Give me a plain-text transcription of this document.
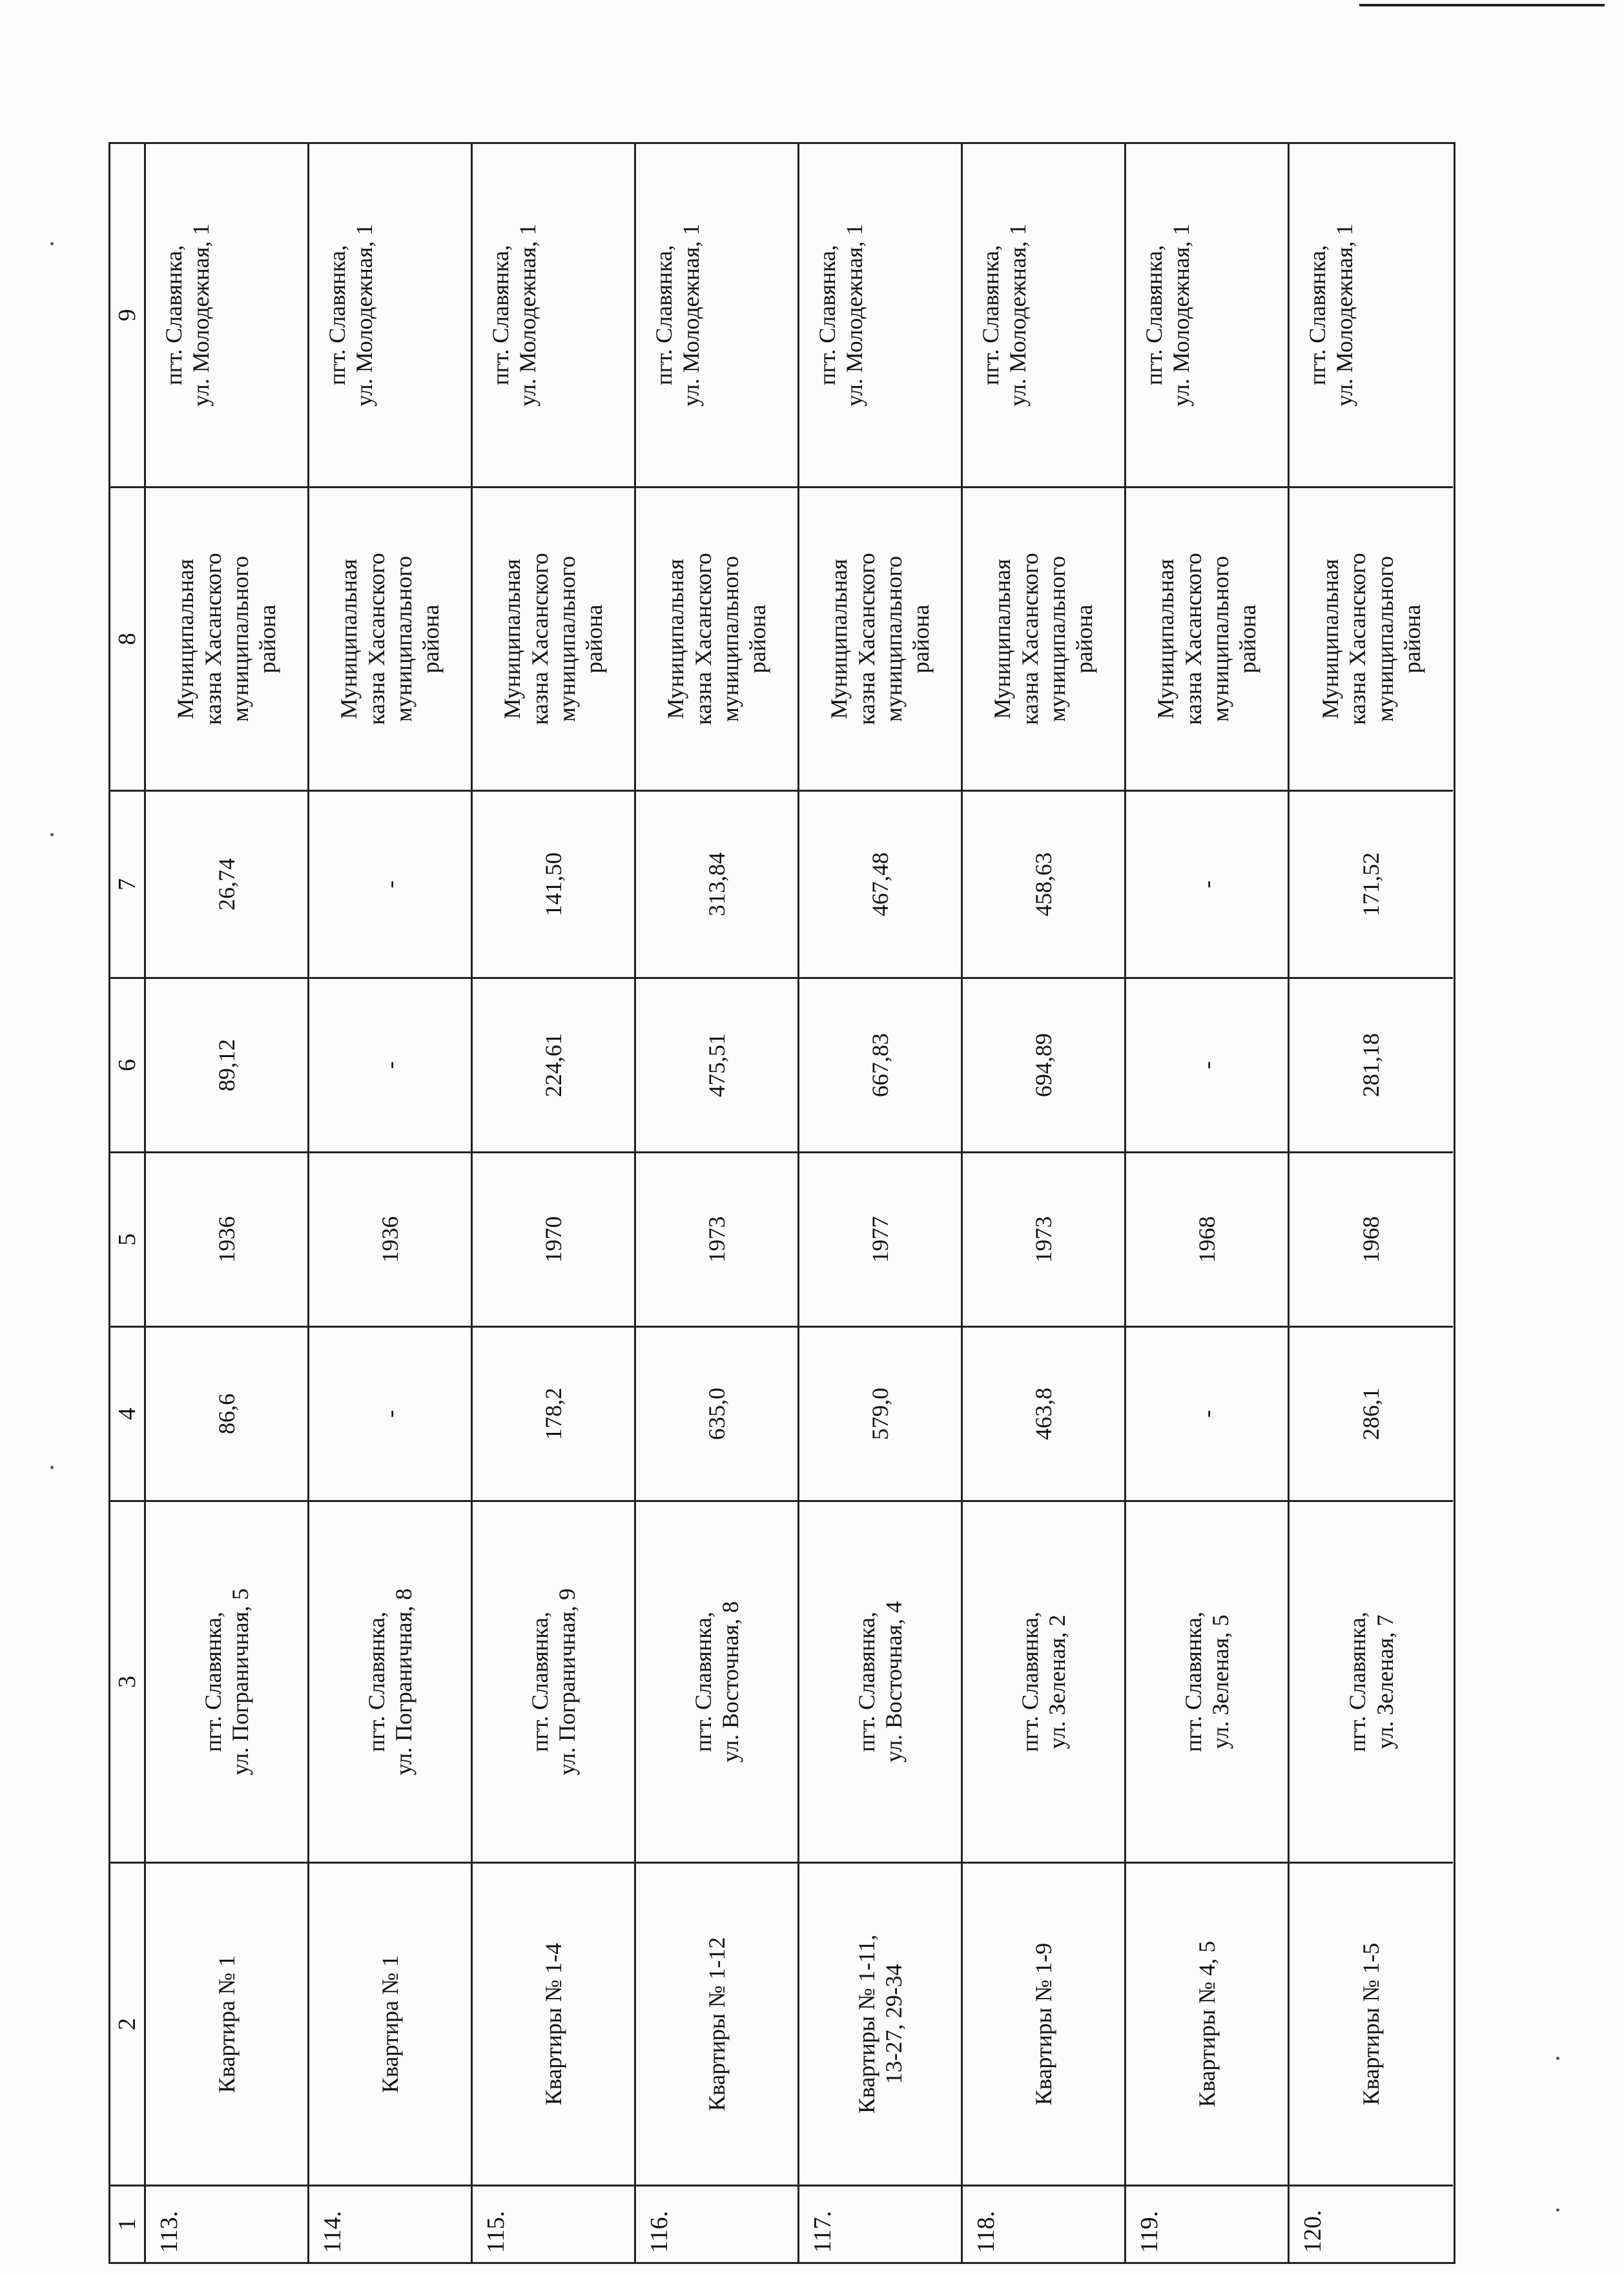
1
2
3
4
5
6
7
8
9
113.
Квартира № 1
пгт. Славянка,
ул. Пограничная, 5
86,6
1936
89,12
26,74
Муниципальная
казна Хасанского
муниципального
района
пгт. Славянка,
ул. Молодежная, 1
114.
Квартира № 1
пгт. Славянка,
ул. Пограничная, 8
-
1936
-
-
Муниципальная
казна Хасанского
муниципального
района
пгт. Славянка,
ул. Молодежная, 1
115.
Квартиры № 1-4
пгт. Славянка,
ул. Пограничная, 9
178,2
1970
224,61
141,50
Муниципальная
казна Хасанского
муниципального
района
пгт. Славянка,
ул. Молодежная, 1
116.
Квартиры № 1-12
пгт. Славянка,
ул. Восточная, 8
635,0
1973
475,51
313,84
Муниципальная
казна Хасанского
муниципального
района
пгт. Славянка,
ул. Молодежная, 1
117.
Квартиры № 1-11,
13-27, 29-34
пгт. Славянка,
ул. Восточная, 4
579,0
1977
667,83
467,48
Муниципальная
казна Хасанского
муниципального
района
пгт. Славянка,
ул. Молодежная, 1
118.
Квартиры № 1-9
пгт. Славянка,
ул. Зеленая, 2
463,8
1973
694,89
458,63
Муниципальная
казна Хасанского
муниципального
района
пгт. Славянка,
ул. Молодежная, 1
119.
Квартиры № 4, 5
пгт. Славянка,
ул. Зеленая, 5
-
1968
-
-
Муниципальная
казна Хасанского
муниципального
района
пгт. Славянка,
ул. Молодежная, 1
120.
Квартиры № 1-5
пгт. Славянка,
ул. Зеленая, 7
286,1
1968
281,18
171,52
Муниципальная
казна Хасанского
муниципального
района
пгт. Славянка,
ул. Молодежная, 1
